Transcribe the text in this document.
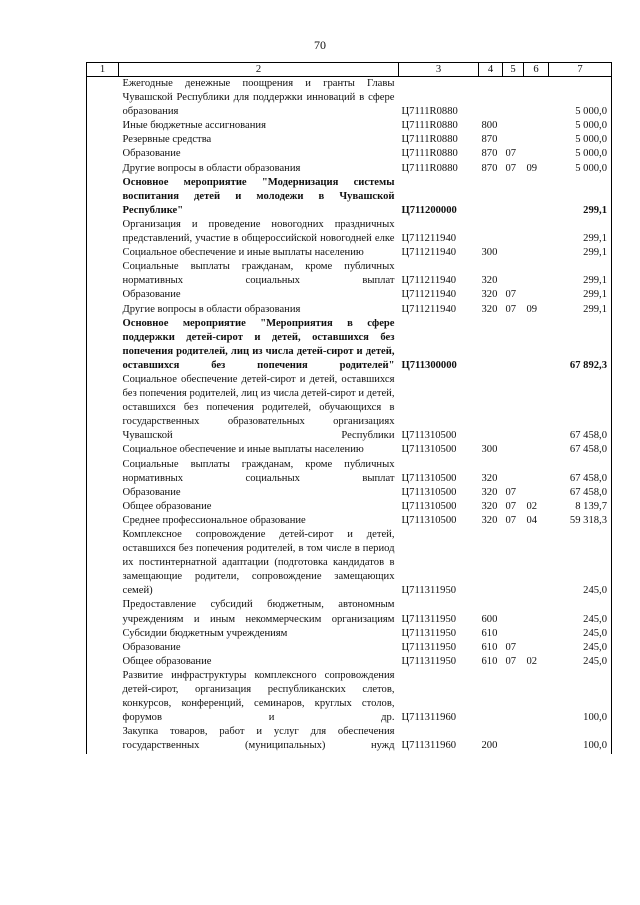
70
1	2	3	4	5	6	7
	Ежегодные денежные поощрения и гранты Главы Чувашской Республики для поддержки инноваций в сфере образования	Ц7111R0880				5 000,0
	Иные бюджетные ассигнования	Ц7111R0880	800			5 000,0
	Резервные средства	Ц7111R0880	870			5 000,0
	Образование	Ц7111R0880	870	07		5 000,0
	Другие вопросы в области образования	Ц7111R0880	870	07	09	5 000,0
	Основное мероприятие "Модернизация системы воспитания детей и молодежи в Чувашской Республике"	Ц711200000				299,1
	Организация и проведение новогодних праздничных представлений, участие в общероссийской новогодней елке	Ц711211940				299,1
	Социальное обеспечение и иные выплаты населению	Ц711211940	300			299,1
	Социальные выплаты гражданам, кроме публичных нормативных социальных выплат	Ц711211940	320			299,1
	Образование	Ц711211940	320	07		299,1
	Другие вопросы в области образования	Ц711211940	320	07	09	299,1
	Основное мероприятие "Мероприятия в сфере поддержки детей-сирот и детей, оставшихся без попечения родителей, лиц из числа детей-сирот и детей, оставшихся без попечения родителей"	Ц711300000				67 892,3
	Социальное обеспечение детей-сирот и детей, оставшихся без попечения родителей, лиц из числа детей-сирот и детей, оставшихся без попечения родителей, обучающихся в государственных образовательных организациях Чувашской Республики	Ц711310500				67 458,0
	Социальное обеспечение и иные выплаты населению	Ц711310500	300			67 458,0
	Социальные выплаты гражданам, кроме публичных нормативных социальных выплат	Ц711310500	320			67 458,0
	Образование	Ц711310500	320	07		67 458,0
	Общее образование	Ц711310500	320	07	02	8 139,7
	Среднее профессиональное образование	Ц711310500	320	07	04	59 318,3
	Комплексное сопровождение детей-сирот и детей, оставшихся без попечения родителей, в том числе в период их постинтернатной адаптации (подготовка кандидатов в замещающие родители, сопровождение замещающих семей)	Ц711311950				245,0
	Предоставление субсидий бюджетным, автономным учреждениям и иным некоммерческим организациям	Ц711311950	600			245,0
	Субсидии бюджетным учреждениям	Ц711311950	610			245,0
	Образование	Ц711311950	610	07		245,0
	Общее образование	Ц711311950	610	07	02	245,0
	Развитие инфраструктуры комплексного сопровождения детей-сирот, организация республиканских слетов, конкурсов, конференций, семинаров, круглых столов, форумов и др.	Ц711311960				100,0
	Закупка товаров, работ и услуг для обеспечения государственных (муниципальных) нужд	Ц711311960	200			100,0
